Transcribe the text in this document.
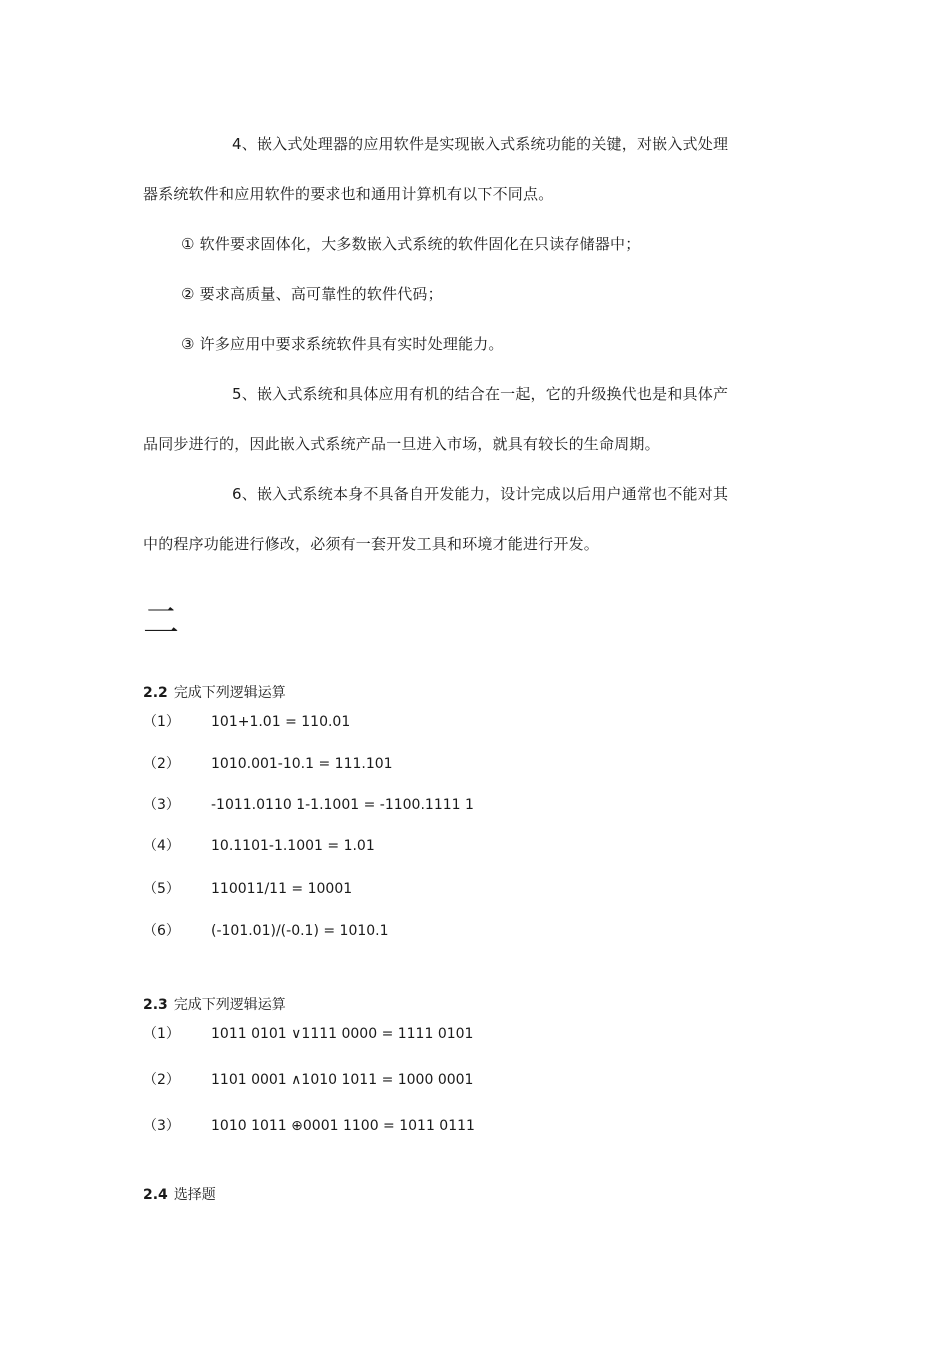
4、嵌入式处理器的应用软件是实现嵌入式系统功能的关键，对嵌入式处理
器系统软件和应用软件的要求也和通用计算机有以下不同点。
① 软件要求固体化，大多数嵌入式系统的软件固化在只读存储器中；
② 要求高质量、高可靠性的软件代码；
③ 许多应用中要求系统软件具有实时处理能力。
5、嵌入式系统和具体应用有机的结合在一起，它的升级换代也是和具体产
品同步进行的，因此嵌入式系统产品一旦进入市场，就具有较长的生命周期。
6、嵌入式系统本身不具备自开发能力，设计完成以后用户通常也不能对其
中的程序功能进行修改，必须有一套开发工具和环境才能进行开发。
二
2.2 完成下列逻辑运算
（1）	101+1.01 = 110.01
（2）	1010.001-10.1 = 111.101
（3）	-1011.0110 1-1.1001 = -1100.1111 1
（4）	10.1101-1.1001 = 1.01
（5）	110011/11 = 10001
（6）	(-101.01)/(-0.1) = 1010.1
2.3 完成下列逻辑运算
（1）	1011 0101 ∨1111 0000 = 1111 0101
（2）	1101 0001 ∧1010 1011 = 1000 0001
（3）	1010 1011 ⊕0001 1100 = 1011 0111
2.4 选择题
